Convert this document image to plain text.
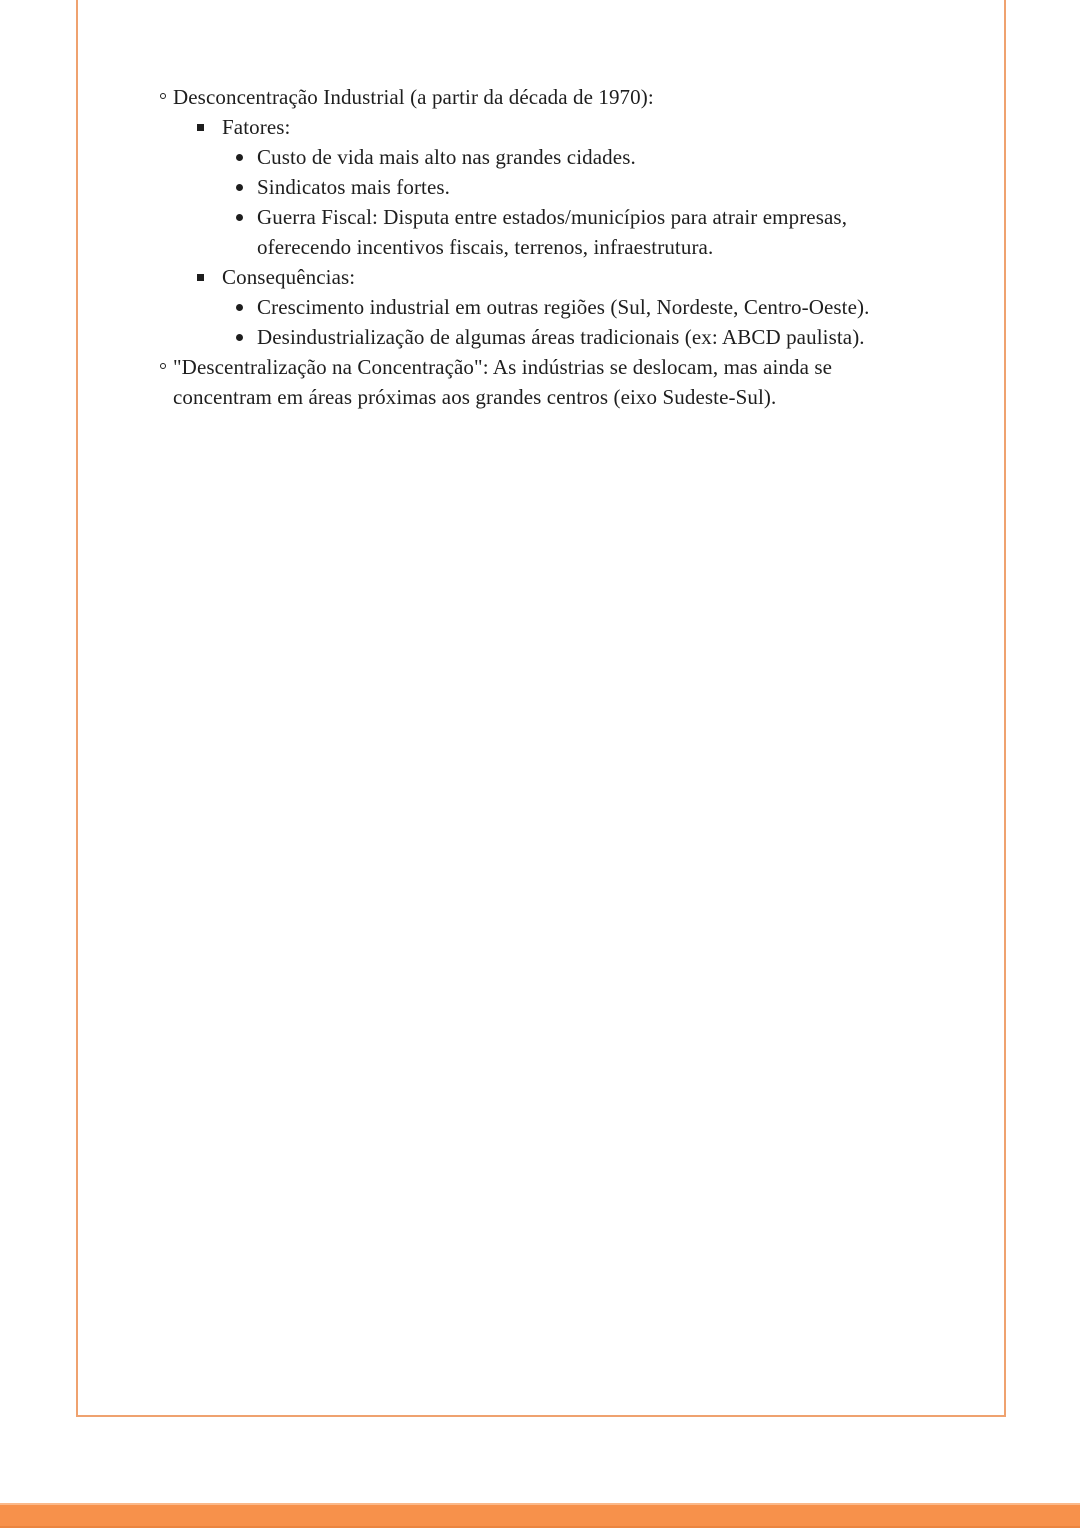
Desconcentração Industrial (a partir da década de 1970):
Fatores:
Custo de vida mais alto nas grandes cidades.
Sindicatos mais fortes.
Guerra Fiscal: Disputa entre estados/municípios para atrair empresas,
oferecendo incentivos fiscais, terrenos, infraestrutura.
Consequências:
Crescimento industrial em outras regiões (Sul, Nordeste, Centro-Oeste).
Desindustrialização de algumas áreas tradicionais (ex: ABCD paulista).
"Descentralização na Concentração": As indústrias se deslocam, mas ainda se
concentram em áreas próximas aos grandes centros (eixo Sudeste-Sul).
